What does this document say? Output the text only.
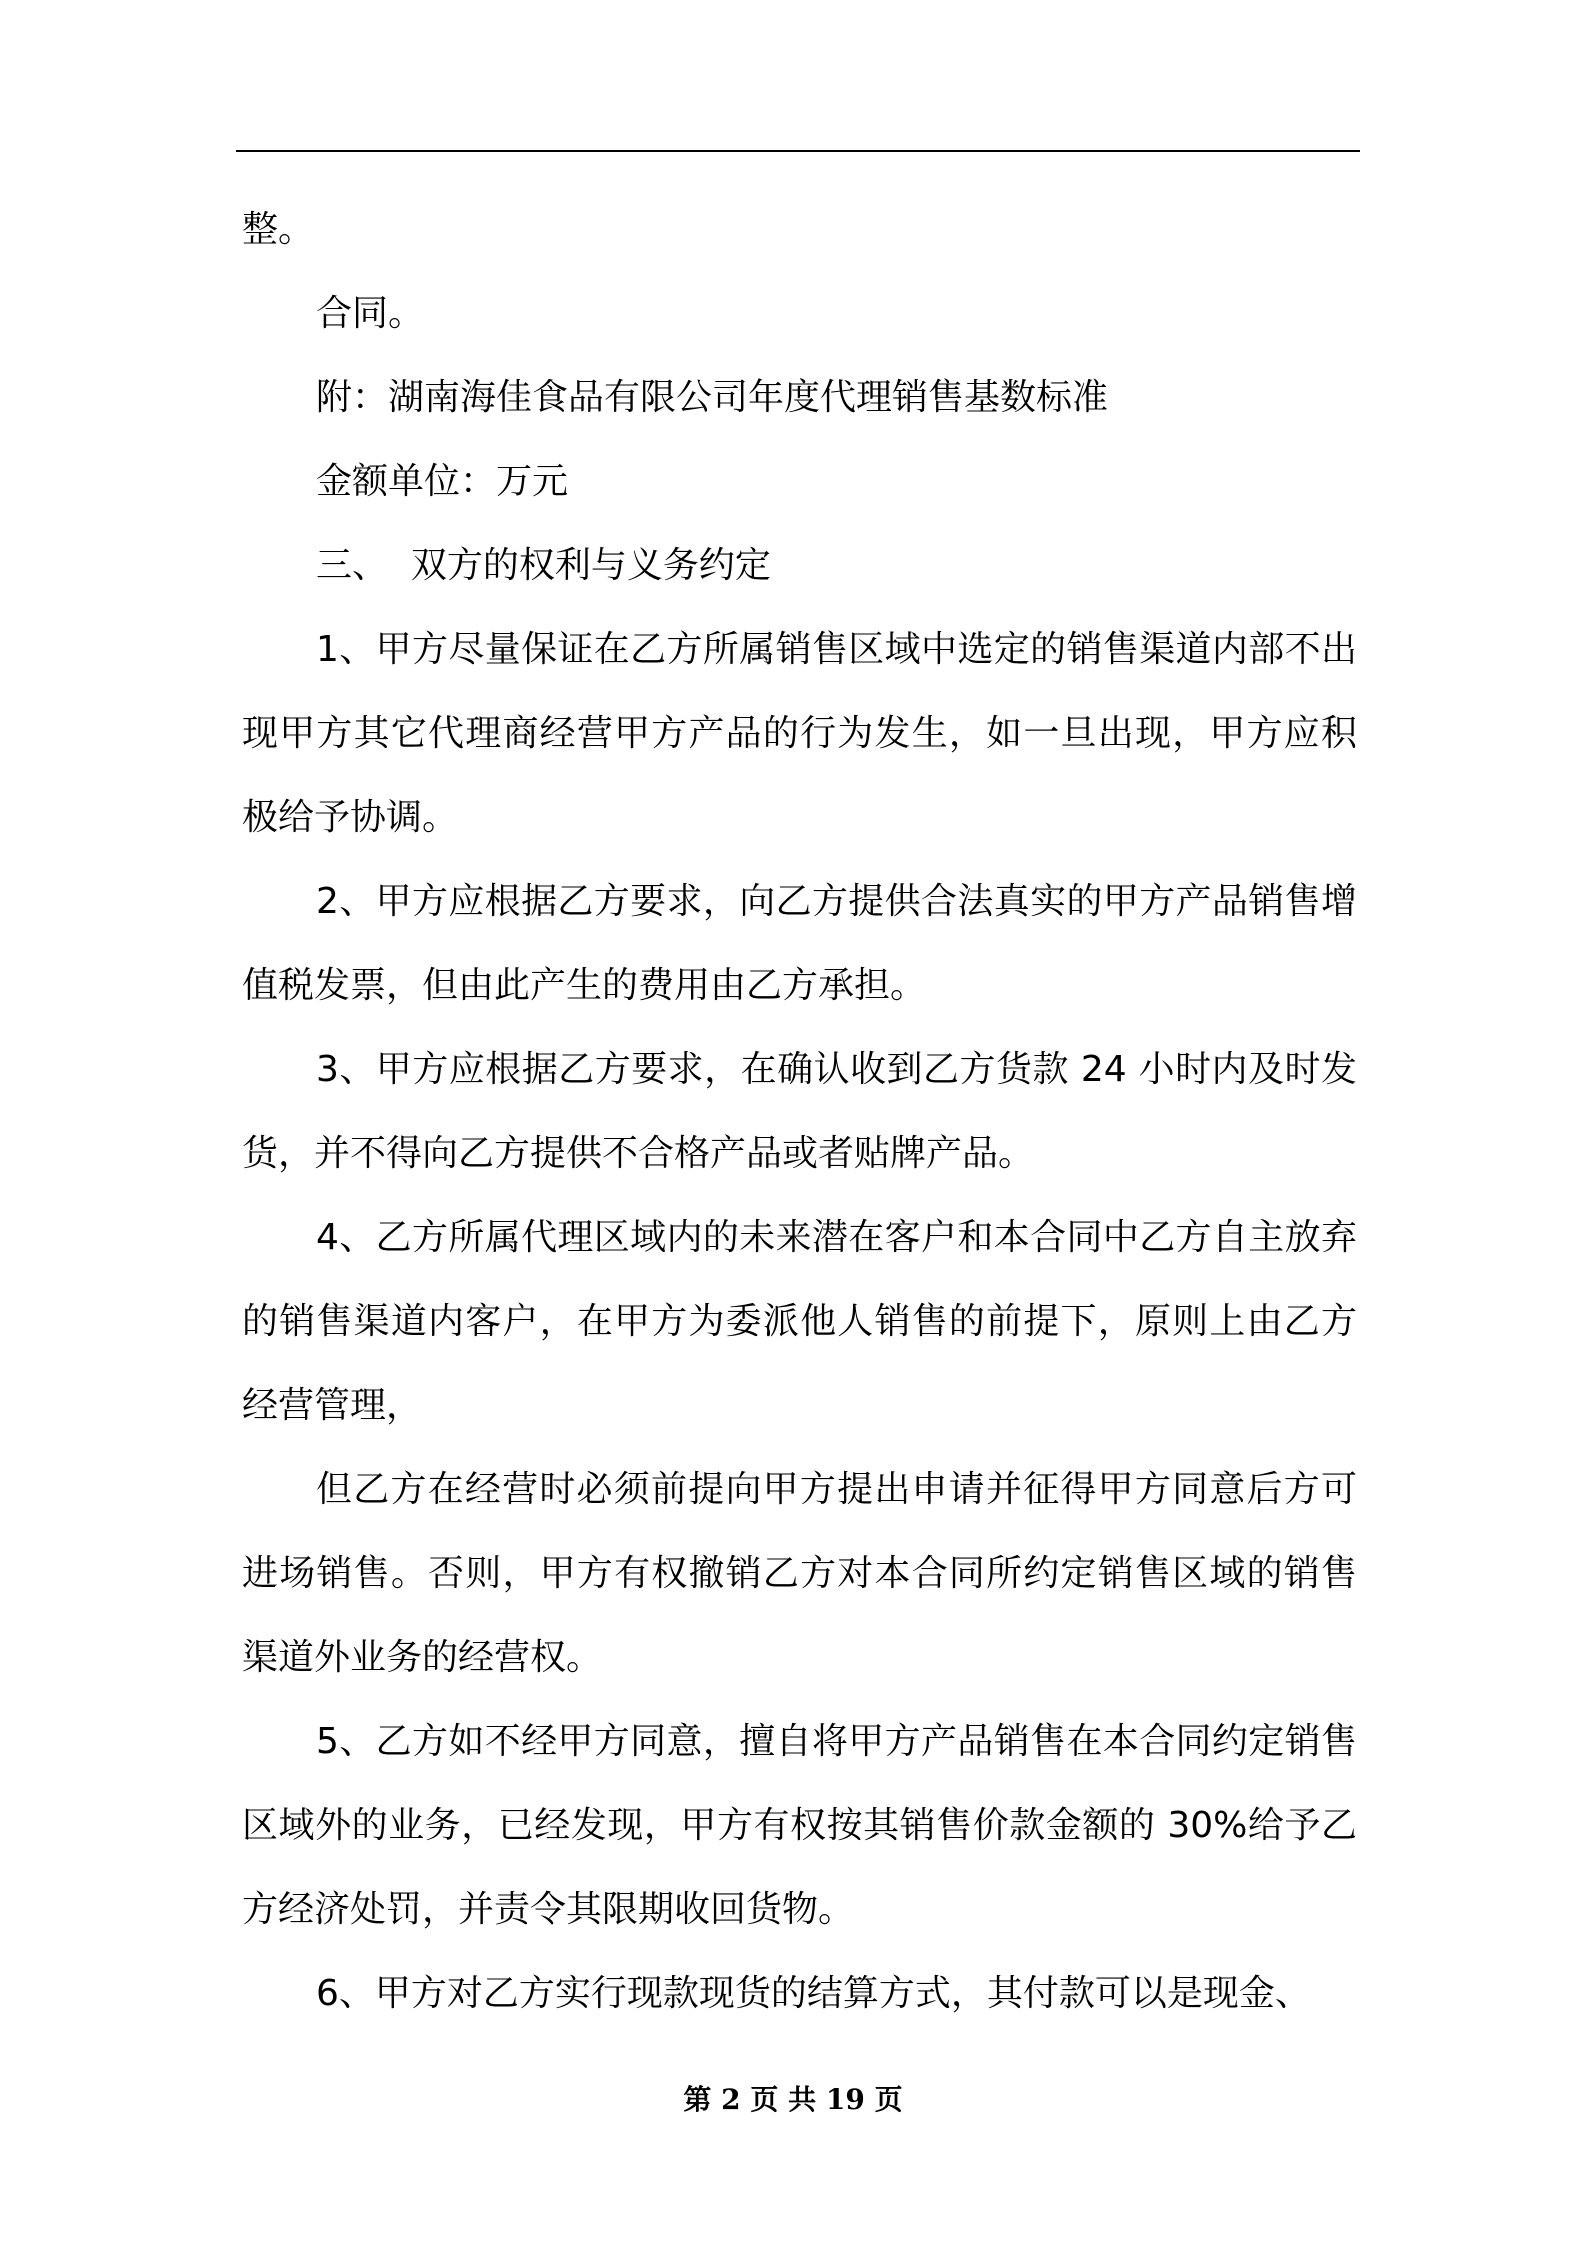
整。

合同。

附：湖南海佳食品有限公司年度代理销售基数标准

金额单位：万元

三、  双方的权利与义务约定

1、甲方尽量保证在乙方所属销售区域中选定的销售渠道内部不出现甲方其它代理商经营甲方产品的行为发生，如一旦出现，甲方应积极给予协调。

2、甲方应根据乙方要求，向乙方提供合法真实的甲方产品销售增值税发票，但由此产生的费用由乙方承担。

3、甲方应根据乙方要求，在确认收到乙方货款 24 小时内及时发货，并不得向乙方提供不合格产品或者贴牌产品。

4、乙方所属代理区域内的未来潜在客户和本合同中乙方自主放弃的销售渠道内客户，在甲方为委派他人销售的前提下，原则上由乙方经营管理，

但乙方在经营时必须前提向甲方提出申请并征得甲方同意后方可进场销售。否则，甲方有权撤销乙方对本合同所约定销售区域的销售渠道外业务的经营权。

5、乙方如不经甲方同意，擅自将甲方产品销售在本合同约定销售区域外的业务，已经发现，甲方有权按其销售价款金额的 30%给予乙方经济处罚，并责令其限期收回货物。

6、甲方对乙方实行现款现货的结算方式，其付款可以是现金、

第 2 页 共 19 页
